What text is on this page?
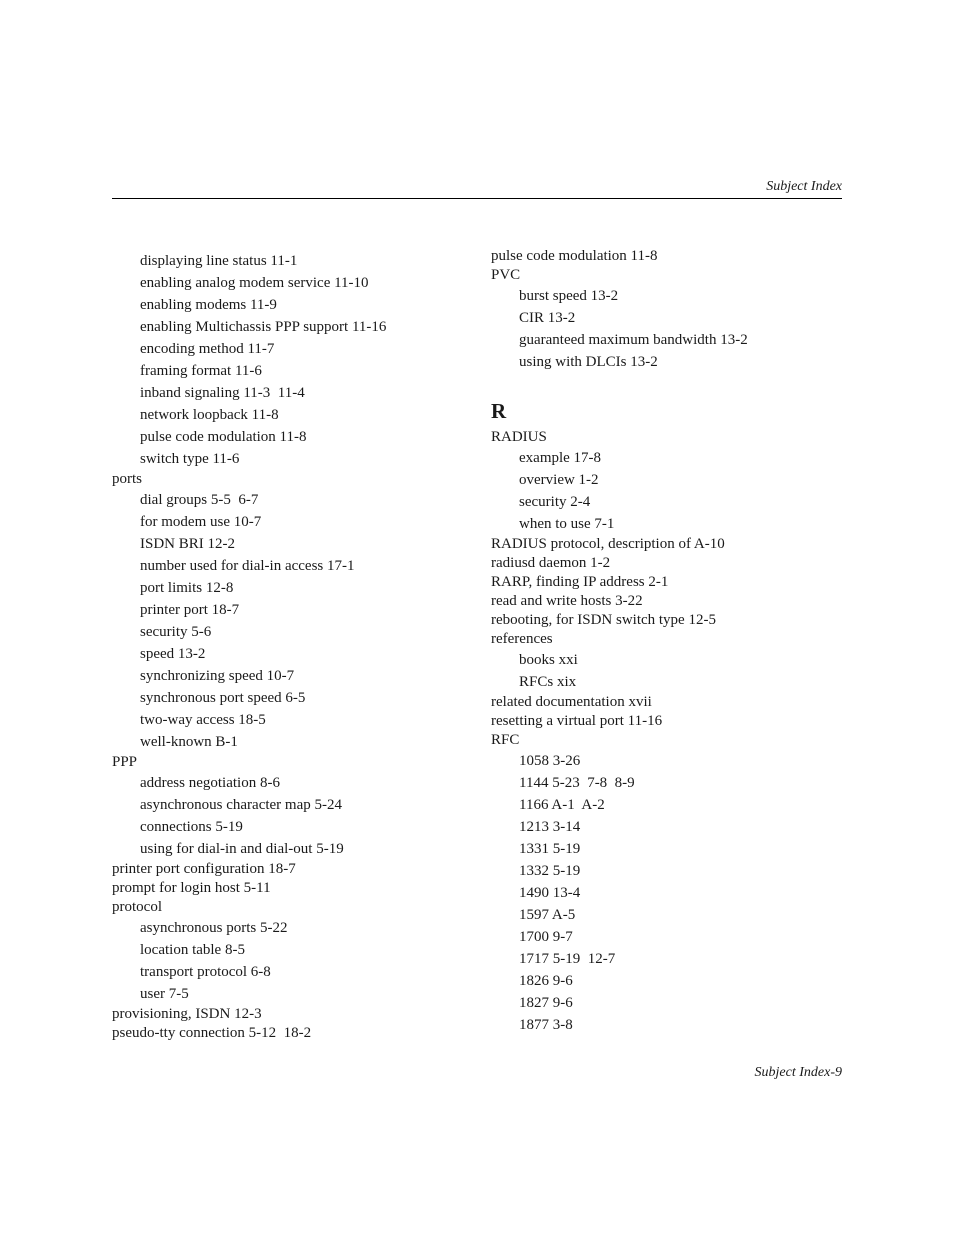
Subject Index
displaying line status 11-1
enabling analog modem service 11-10
enabling modems 11-9
enabling Multichassis PPP support 11-16
encoding method 11-7
framing format 11-6
inband signaling 11-3  11-4
network loopback 11-8
pulse code modulation 11-8
switch type 11-6
ports
dial groups 5-5  6-7
for modem use 10-7
ISDN BRI 12-2
number used for dial-in access 17-1
port limits 12-8
printer port 18-7
security 5-6
speed 13-2
synchronizing speed 10-7
synchronous port speed 6-5
two-way access 18-5
well-known B-1
PPP
address negotiation 8-6
asynchronous character map 5-24
connections 5-19
using for dial-in and dial-out 5-19
printer port configuration 18-7
prompt for login host 5-11
protocol
asynchronous ports 5-22
location table 8-5
transport protocol 6-8
user 7-5
provisioning, ISDN 12-3
pseudo-tty connection 5-12  18-2
pulse code modulation 11-8
PVC
burst speed 13-2
CIR 13-2
guaranteed maximum bandwidth 13-2
using with DLCIs 13-2
R
RADIUS
example 17-8
overview 1-2
security 2-4
when to use 7-1
RADIUS protocol, description of A-10
radiusd daemon 1-2
RARP, finding IP address 2-1
read and write hosts 3-22
rebooting, for ISDN switch type 12-5
references
books xxi
RFCs xix
related documentation xvii
resetting a virtual port 11-16
RFC
1058 3-26
1144 5-23  7-8  8-9
1166 A-1  A-2
1213 3-14
1331 5-19
1332 5-19
1490 13-4
1597 A-5
1700 9-7
1717 5-19  12-7
1826 9-6
1827 9-6
1877 3-8
Subject Index-9
